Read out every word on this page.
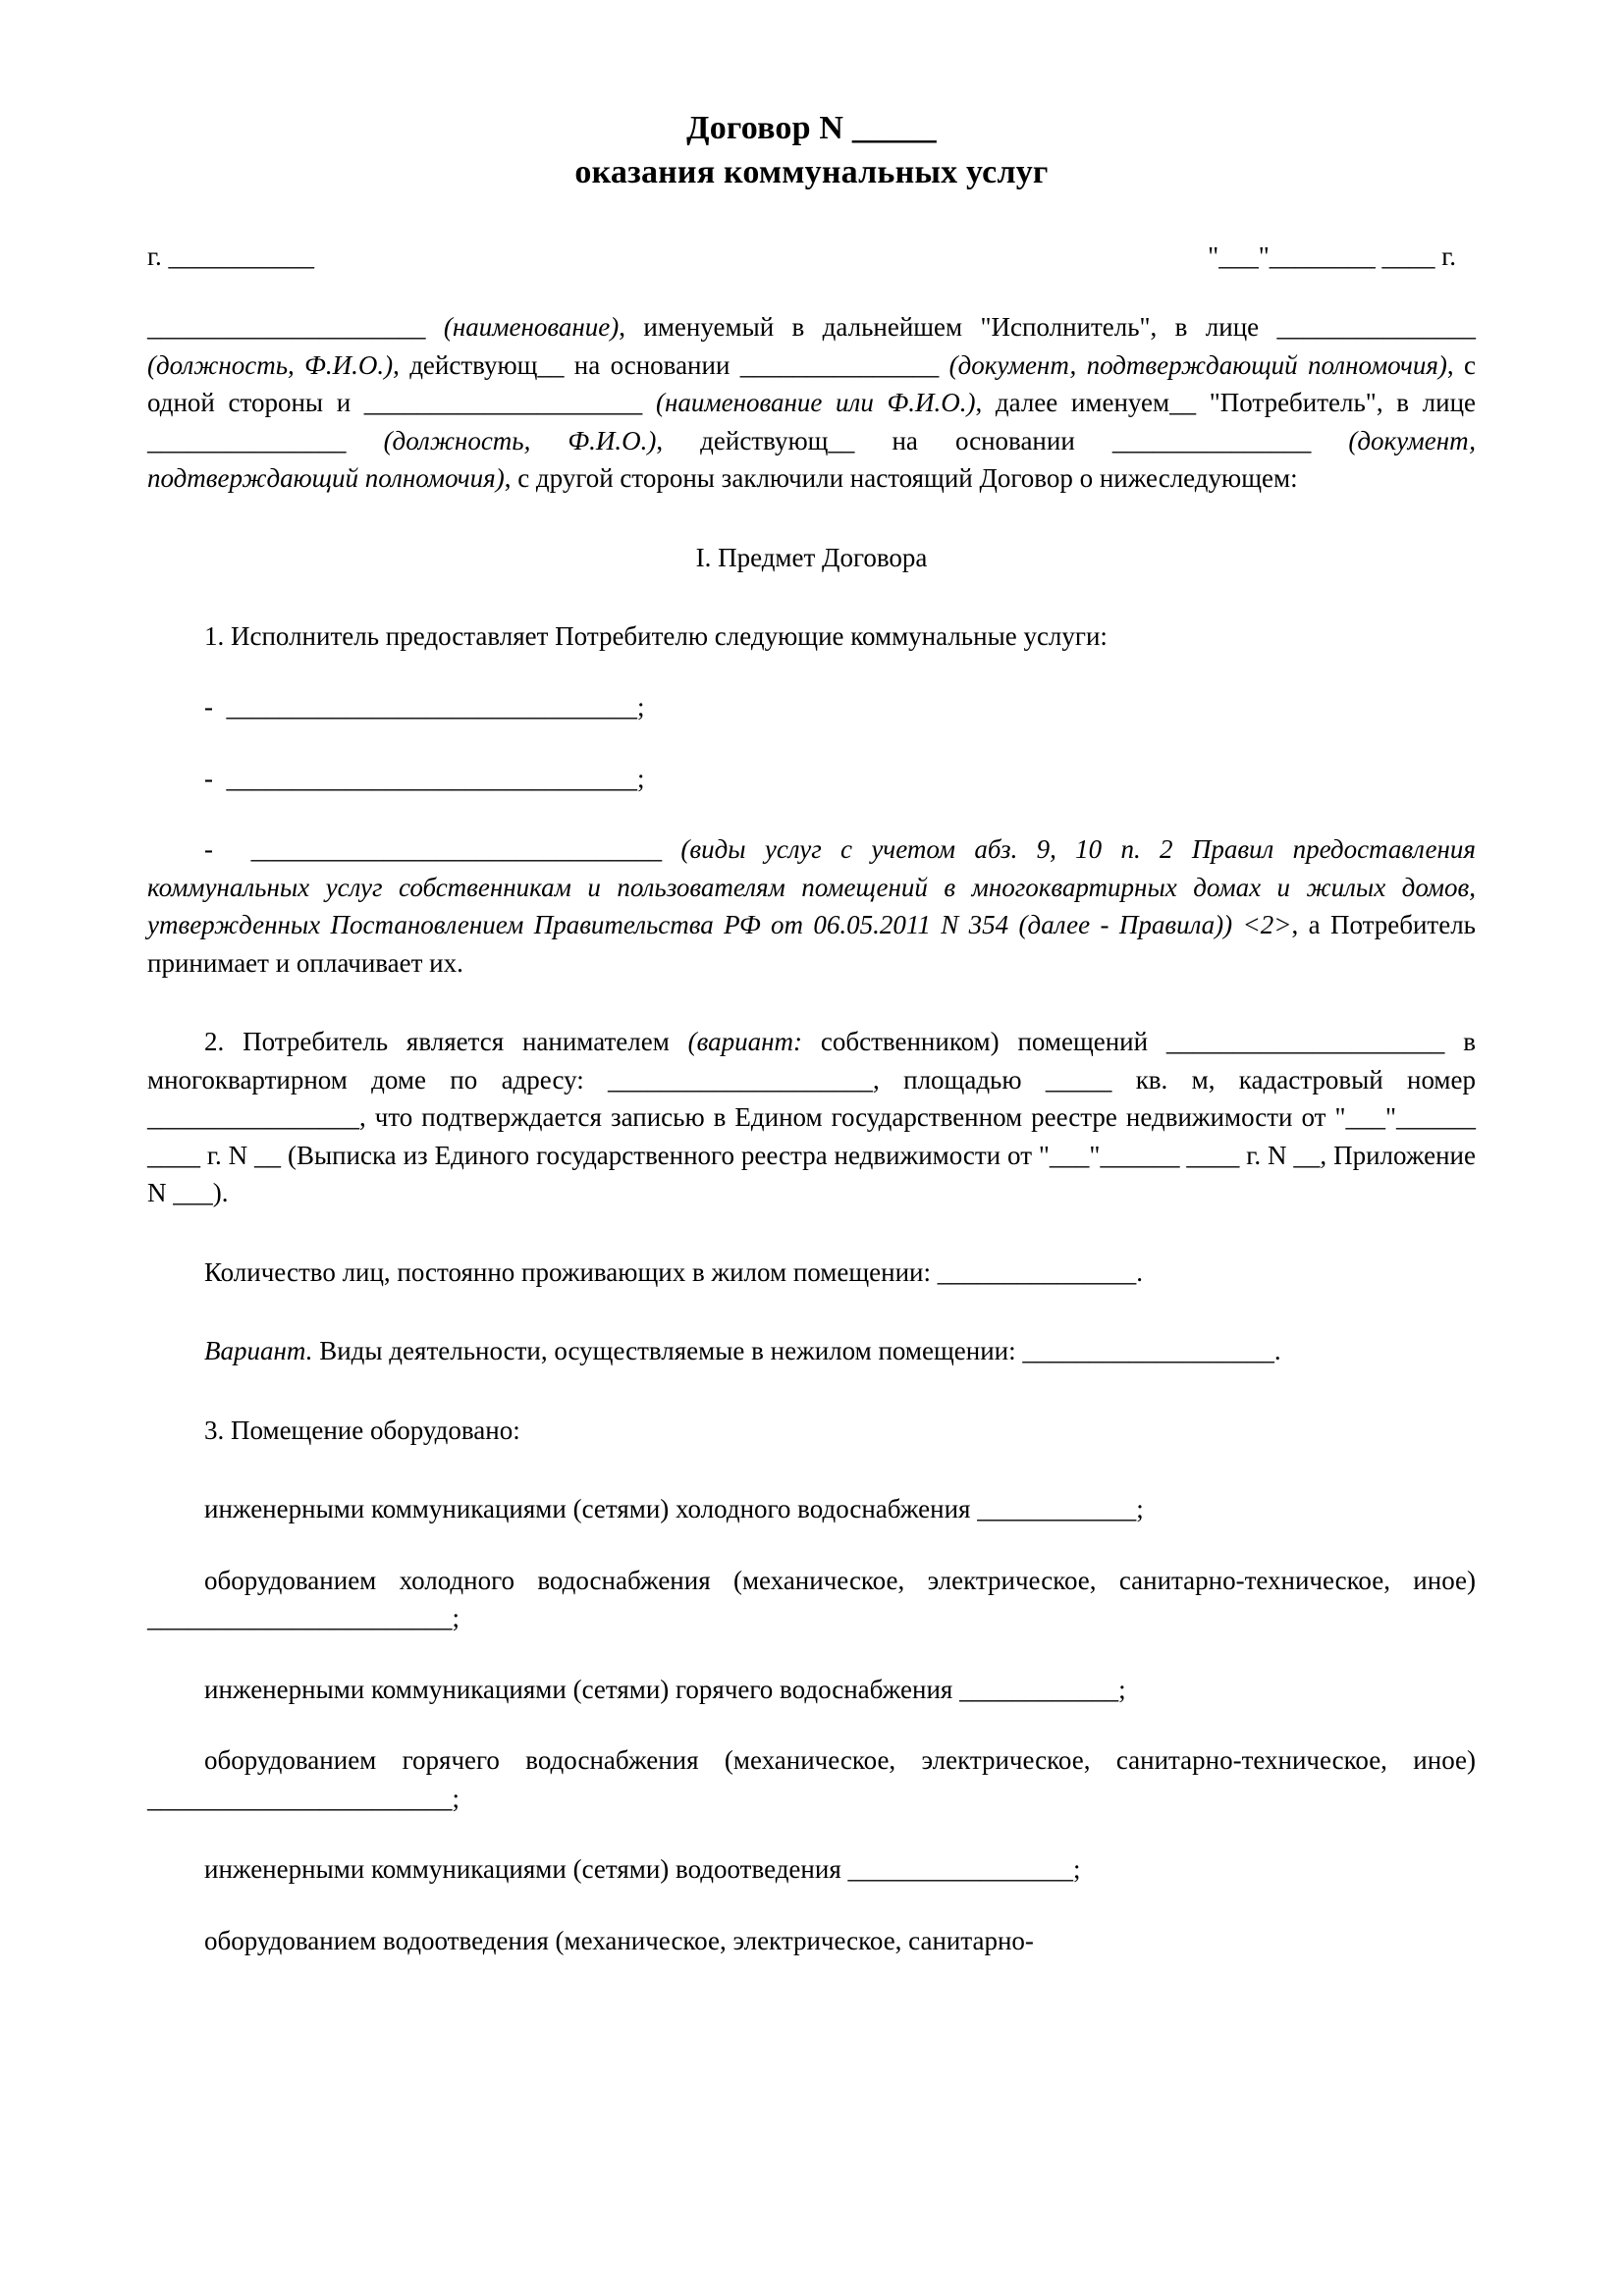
Договор N _____
оказания коммунальных услуг
г. ___________	"___"________ ____ г.

_____________________ (наименование), именуемый в дальнейшем "Исполнитель", в лице _______________ (должность, Ф.И.О.), действующ__ на основании _______________ (документ, подтверждающий полномочия), с одной стороны и _____________________ (наименование или Ф.И.О.), далее именуем__ "Потребитель", в лице _______________ (должность, Ф.И.О.), действующ__ на основании _______________ (документ, подтверждающий полномочия), с другой стороны заключили настоящий Договор о нижеследующем:

I. Предмет Договора

1. Исполнитель предоставляет Потребителю следующие коммунальные услуги:

-  _______________________________;

-  _______________________________;

-  _______________________________ (виды услуг с учетом абз. 9, 10 п. 2 Правил предоставления коммунальных услуг собственникам и пользователям помещений в многоквартирных домах и жилых домов, утвержденных Постановлением Правительства РФ от 06.05.2011 N 354 (далее - Правила)) <2>, а Потребитель принимает и оплачивает их.

2. Потребитель является нанимателем (вариант: собственником) помещений _____________________ в многоквартирном доме по адресу: ____________________, площадью _____ кв. м, кадастровый номер ________________, что подтверждается записью в Едином государственном реестре недвижимости от "___"______ ____ г. N __ (Выписка из Единого государственного реестра недвижимости от "___"______ ____ г. N __, Приложение N ___).

Количество лиц, постоянно проживающих в жилом помещении: _______________.

Вариант. Виды деятельности, осуществляемые в нежилом помещении: ___________________.

3. Помещение оборудовано:

инженерными коммуникациями (сетями) холодного водоснабжения ____________;

оборудованием холодного водоснабжения (механическое, электрическое, санитарно-техническое, иное) _______________________;

инженерными коммуникациями (сетями) горячего водоснабжения ____________;

оборудованием горячего водоснабжения (механическое, электрическое, санитарно-техническое, иное) _______________________;

инженерными коммуникациями (сетями) водоотведения _________________;

оборудованием водоотведения (механическое, электрическое, санитарно-
